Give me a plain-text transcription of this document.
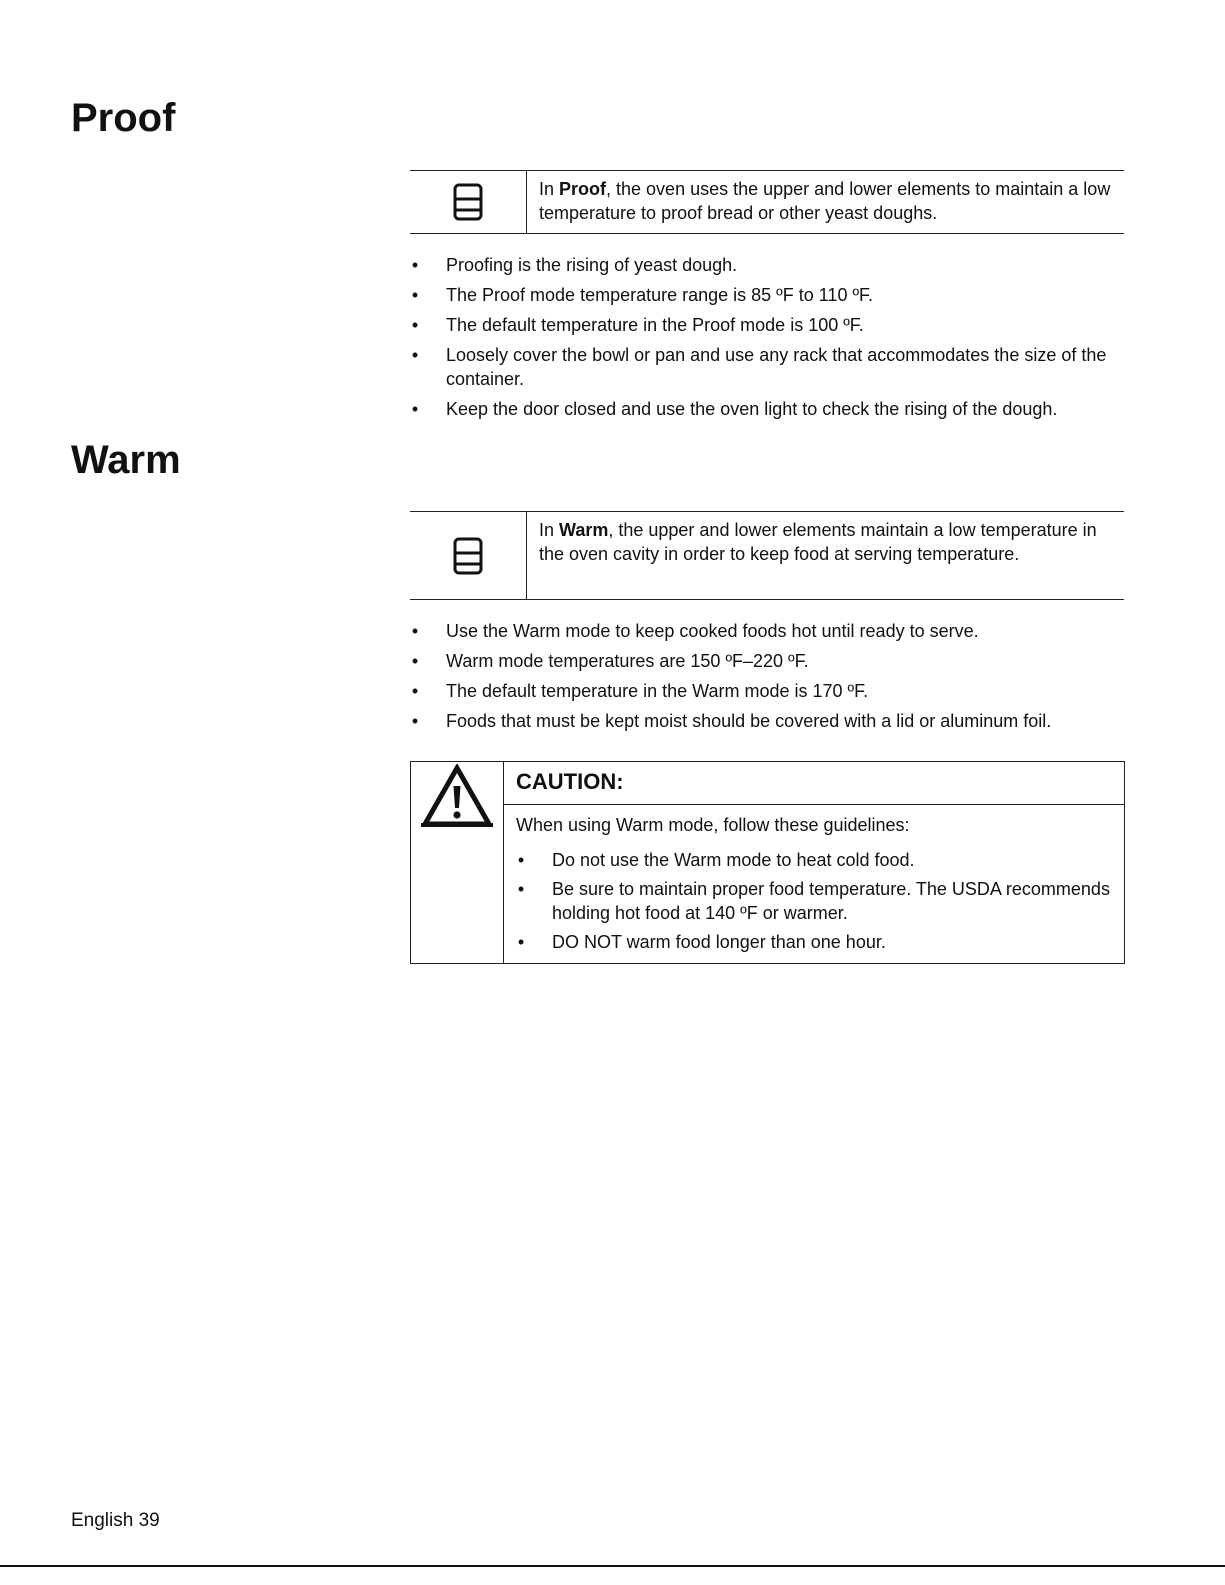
Proof
In Proof, the oven uses the upper and lower elements to maintain a low temperature to proof bread or other yeast doughs.
• Proofing is the rising of yeast dough.
• The Proof mode temperature range is 85 ºF to 110 ºF.
• The default temperature in the Proof mode is 100 ºF.
• Loosely cover the bowl or pan and use any rack that accommodates the size of the container.
• Keep the door closed and use the oven light to check the rising of the dough.
Warm
In Warm, the upper and lower elements maintain a low temperature in the oven cavity in order to keep food at serving temperature.
• Use the Warm mode to keep cooked foods hot until ready to serve.
• Warm mode temperatures are 150 ºF–220 ºF.
• The default temperature in the Warm mode is 170 ºF.
• Foods that must be kept moist should be covered with a lid or aluminum foil.
CAUTION:
When using Warm mode, follow these guidelines:
• Do not use the Warm mode to heat cold food.
• Be sure to maintain proper food temperature. The USDA recommends holding hot food at 140 ºF or warmer.
• DO NOT warm food longer than one hour.
English 39
